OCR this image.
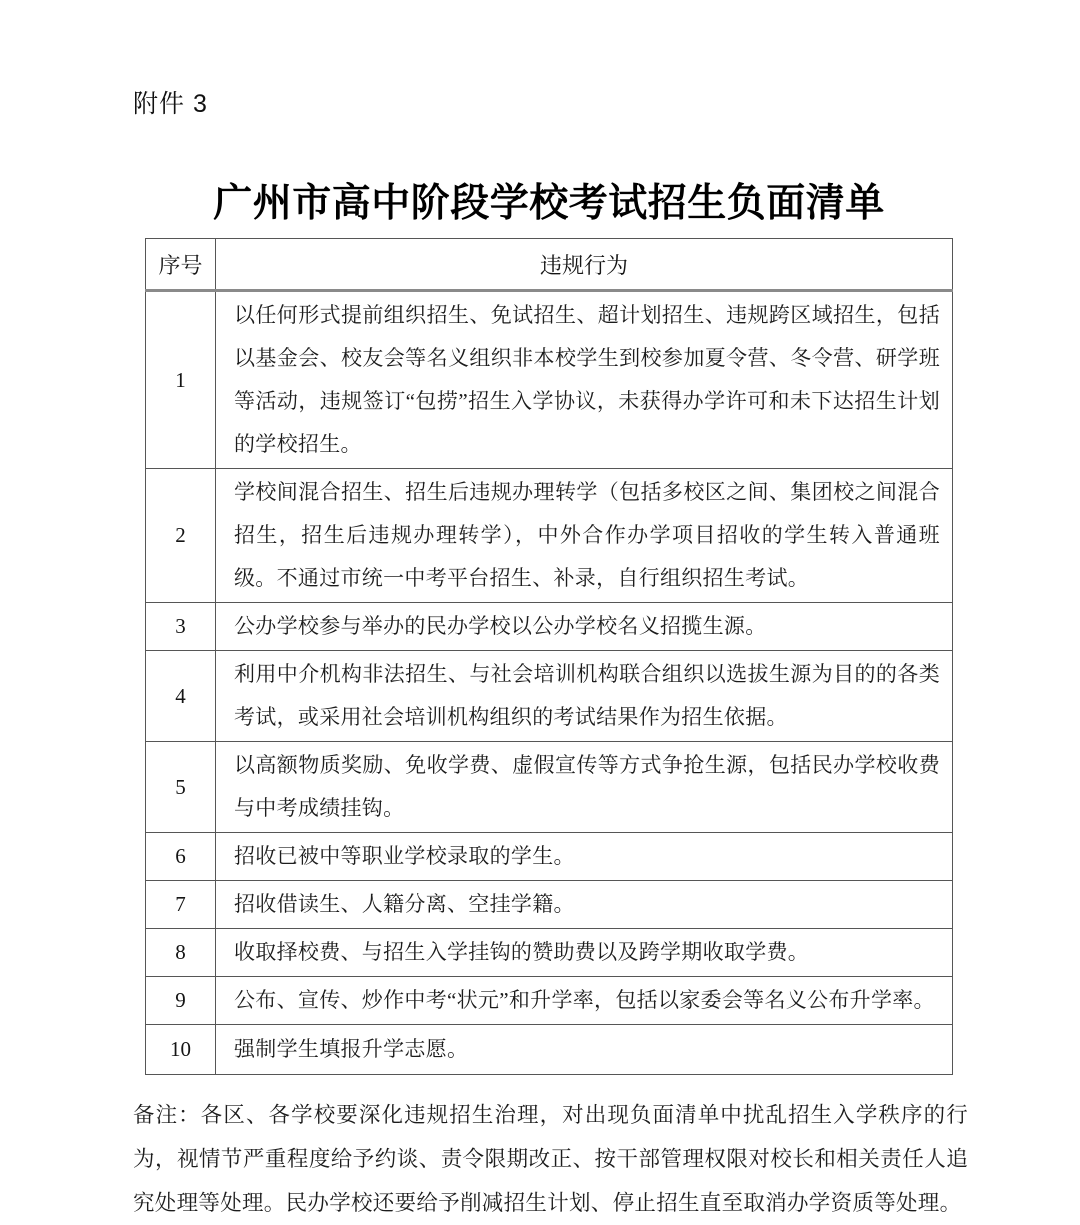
附件 3
广州市高中阶段学校考试招生负面清单
序号	违规行为
1	以任何形式提前组织招生、免试招生、超计划招生、违规跨区域招生，包括以基金会、校友会等名义组织非本校学生到校参加夏令营、冬令营、研学班等活动，违规签订“包捞”招生入学协议，未获得办学许可和未下达招生计划的学校招生。
2	学校间混合招生、招生后违规办理转学（包括多校区之间、集团校之间混合招生，招生后违规办理转学），中外合作办学项目招收的学生转入普通班级。不通过市统一中考平台招生、补录，自行组织招生考试。
3	公办学校参与举办的民办学校以公办学校名义招揽生源。
4	利用中介机构非法招生、与社会培训机构联合组织以选拔生源为目的的各类考试，或采用社会培训机构组织的考试结果作为招生依据。
5	以高额物质奖励、免收学费、虚假宣传等方式争抢生源，包括民办学校收费与中考成绩挂钩。
6	招收已被中等职业学校录取的学生。
7	招收借读生、人籍分离、空挂学籍。
8	收取择校费、与招生入学挂钩的赞助费以及跨学期收取学费。
9	公布、宣传、炒作中考“状元”和升学率，包括以家委会等名义公布升学率。
10	强制学生填报升学志愿。

备注：各区、各学校要深化违规招生治理，对出现负面清单中扰乱招生入学秩序的行为，视情节严重程度给予约谈、责令限期改正、按干部管理权限对校长和相关责任人追究处理等处理。民办学校还要给予削减招生计划、停止招生直至取消办学资质等处理。
